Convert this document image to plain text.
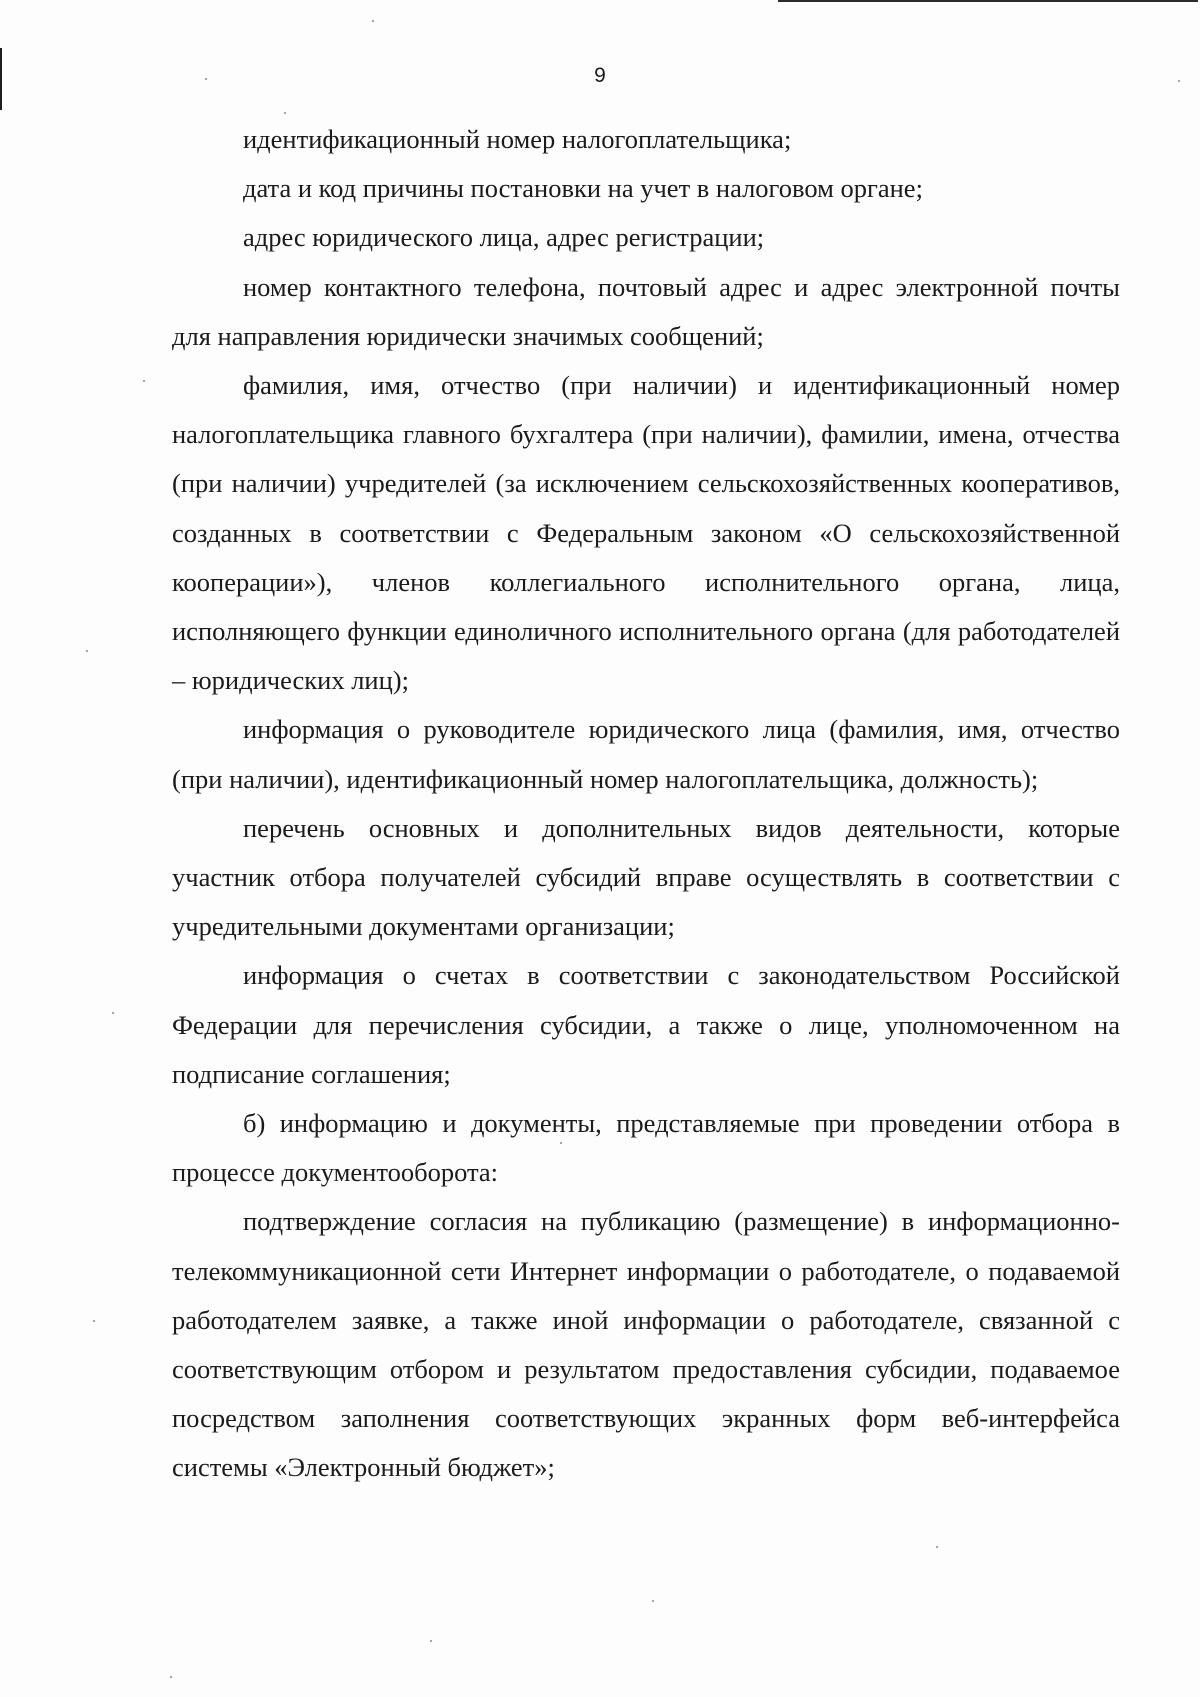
9

идентификационный номер налогоплательщика;

дата и код причины постановки на учет в налоговом органе;

адрес юридического лица, адрес регистрации;

номер контактного телефона, почтовый адрес и адрес электронной почты для направления юридически значимых сообщений;

фамилия, имя, отчество (при наличии) и идентификационный номер налогоплательщика главного бухгалтера (при наличии), фамилии, имена, отчества (при наличии) учредителей (за исключением сельскохозяйственных кооперативов, созданных в соответствии с Федеральным законом «О сельскохозяйственной кооперации»), членов коллегиального исполнительного органа, лица, исполняющего функции единоличного исполнительного органа (для работодателей – юридических лиц);

информация о руководителе юридического лица (фамилия, имя, отчество (при наличии), идентификационный номер налогоплательщика, должность);

перечень основных и дополнительных видов деятельности, которые участник отбора получателей субсидий вправе осуществлять в соответствии с учредительными документами организации;

информация о счетах в соответствии с законодательством Российской Федерации для перечисления субсидии, а также о лице, уполномоченном на подписание соглашения;

б) информацию и документы, представляемые при проведении отбора в процессе документооборота:

подтверждение согласия на публикацию (размещение) в информационно-телекоммуникационной сети Интернет информации о работодателе, о подаваемой работодателем заявке, а также иной информации о работодателе, связанной с соответствующим отбором и результатом предоставления субсидии, подаваемое посредством заполнения соответствующих экранных форм веб-интерфейса системы «Электронный бюджет»;
